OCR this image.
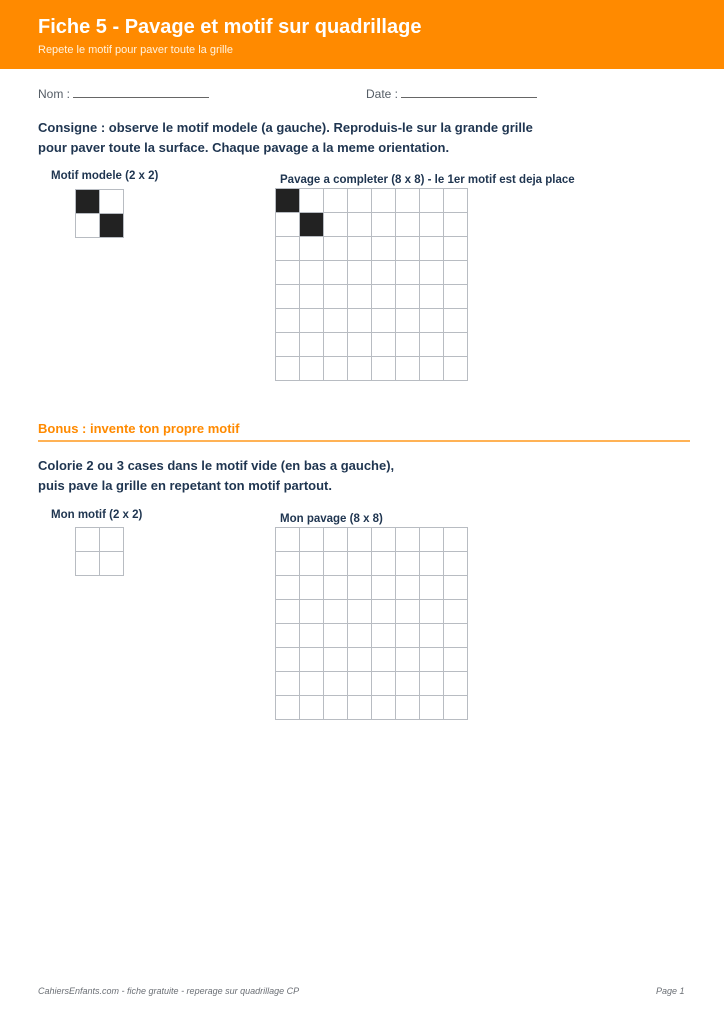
Fiche 5 - Pavage et motif sur quadrillage
Repete le motif pour paver toute la grille
Nom :	Date :
Consigne : observe le motif modele (a gauche). Reproduis-le sur la grande grille
pour paver toute la surface. Chaque pavage a la meme orientation.
Motif modele (2 x 2)	Pavage a completer (8 x 8) - le 1er motif est deja place
Bonus : invente ton propre motif
Colorie 2 ou 3 cases dans le motif vide (en bas a gauche),
puis pave la grille en repetant ton motif partout.
Mon motif (2 x 2)	Mon pavage (8 x 8)
CahiersEnfants.com - fiche gratuite - reperage sur quadrillage CP	Page 1
